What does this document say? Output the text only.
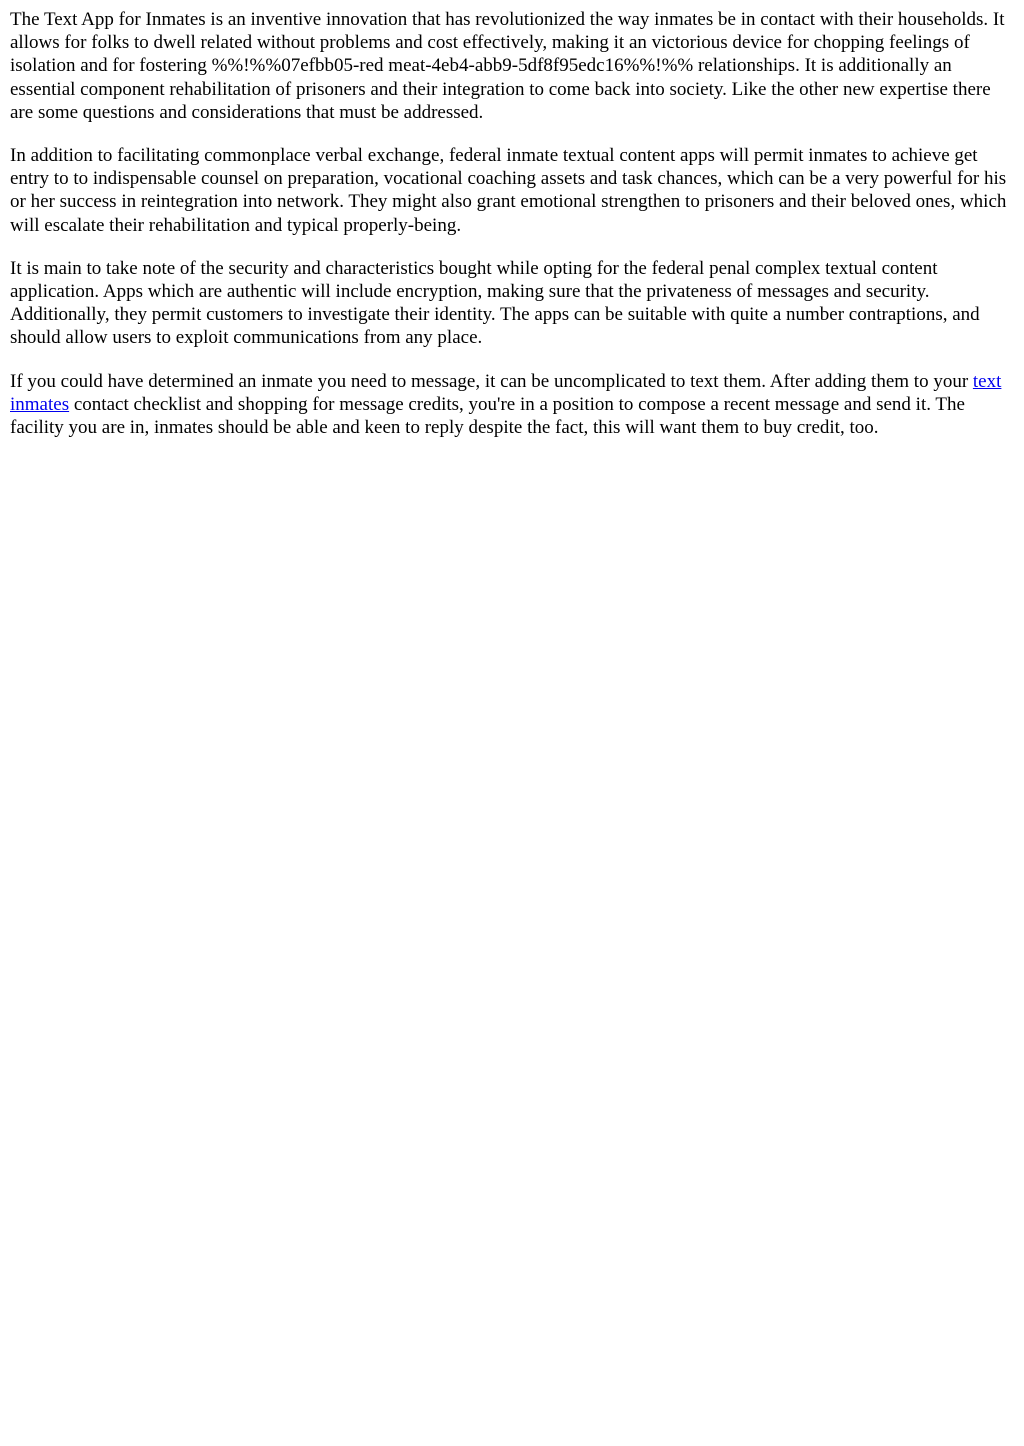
The Text App for Inmates is an inventive innovation that has revolutionized the way inmates be in contact with their households. It allows for folks to dwell related without problems and cost effectively, making it an victorious device for chopping feelings of isolation and for fostering %%!%%07efbb05-red meat-4eb4-abb9-5df8f95edc16%%!%% relationships. It is additionally an essential component rehabilitation of prisoners and their integration to come back into society. Like the other new expertise there are some questions and considerations that must be addressed.

In addition to facilitating commonplace verbal exchange, federal inmate textual content apps will permit inmates to achieve get entry to to indispensable counsel on preparation, vocational coaching assets and task chances, which can be a very powerful for his or her success in reintegration into network. They might also grant emotional strengthen to prisoners and their beloved ones, which will escalate their rehabilitation and typical properly-being.

It is main to take note of the security and characteristics bought while opting for the federal penal complex textual content application. Apps which are authentic will include encryption, making sure that the privateness of messages and security. Additionally, they permit customers to investigate their identity. The apps can be suitable with quite a number contraptions, and should allow users to exploit communications from any place.

If you could have determined an inmate you need to message, it can be uncomplicated to text them. After adding them to your text inmates contact checklist and shopping for message credits, you're in a position to compose a recent message and send it. The facility you are in, inmates should be able and keen to reply despite the fact, this will want them to buy credit, too.
